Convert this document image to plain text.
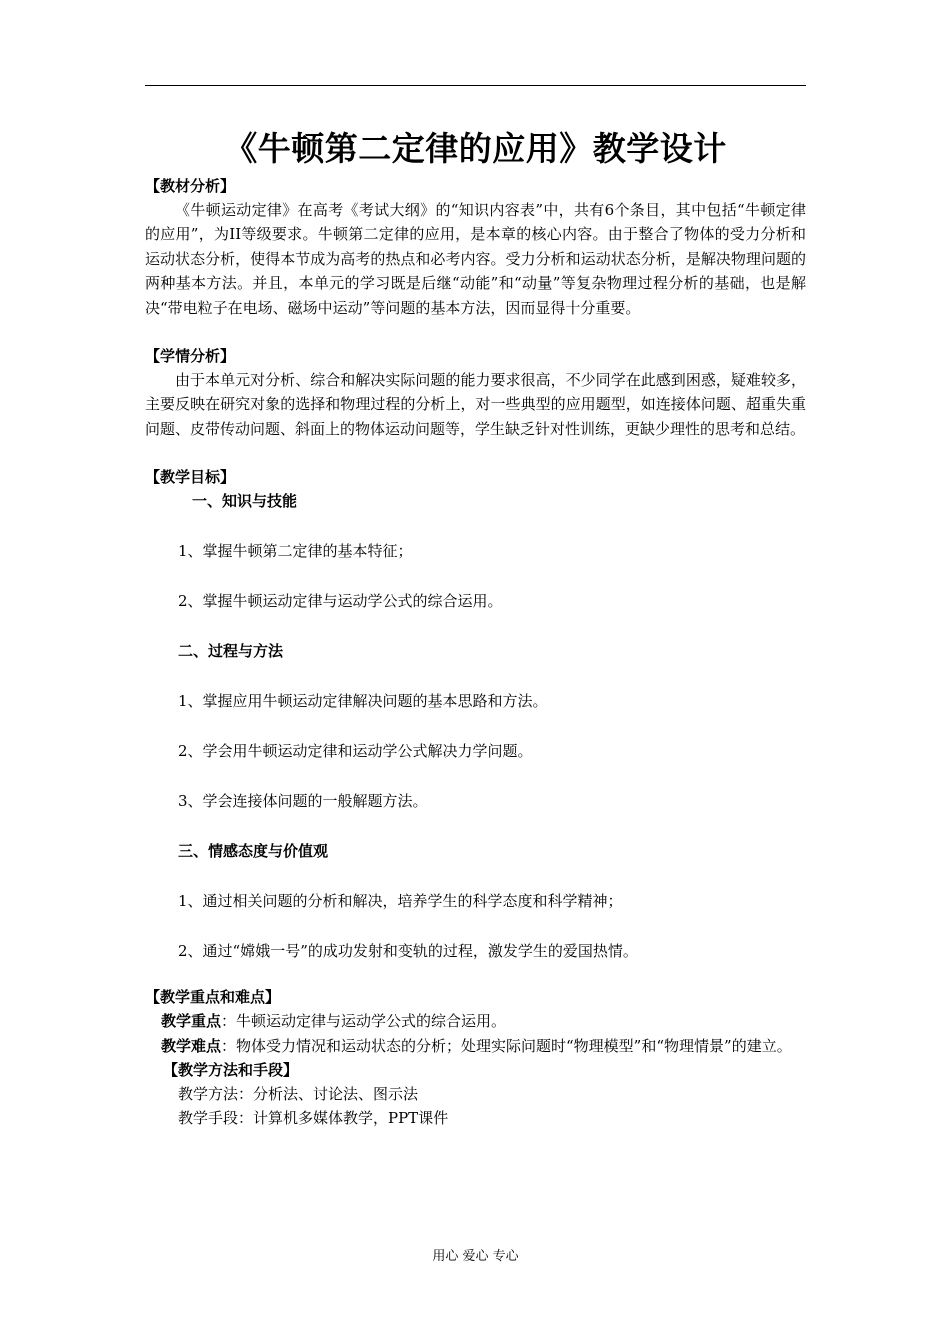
《牛顿第二定律的应用》教学设计
【教材分析】

《牛顿运动定律》在高考《考试大纲》的“知识内容表”中，共有6个条目，其中包括“牛顿定律的应用”，为II等级要求。牛顿第二定律的应用，是本章的核心内容。由于整合了物体的受力分析和运动状态分析，使得本节成为高考的热点和必考内容。受力分析和运动状态分析，是解决物理问题的两种基本方法。并且，本单元的学习既是后继“动能”和“动量”等复杂物理过程分析的基础，也是解决“带电粒子在电场、磁场中运动”等问题的基本方法，因而显得十分重要。

【学情分析】

由于本单元对分析、综合和解决实际问题的能力要求很高，不少同学在此感到困惑，疑难较多，主要反映在研究对象的选择和物理过程的分析上，对一些典型的应用题型，如连接体问题、超重失重问题、皮带传动问题、斜面上的物体运动问题等，学生缺乏针对性训练，更缺少理性的思考和总结。

【教学目标】
一、知识与技能
1、掌握牛顿第二定律的基本特征；
2、掌握牛顿运动定律与运动学公式的综合运用。
二、过程与方法
1、掌握应用牛顿运动定律解决问题的基本思路和方法。
2、学会用牛顿运动定律和运动学公式解决力学问题。
3、学会连接体问题的一般解题方法。
三、情感态度与价值观
1、通过相关问题的分析和解决，培养学生的科学态度和科学精神；
2、通过“嫦娥一号”的成功发射和变轨的过程，激发学生的爱国热情。
【教学重点和难点】

教学重点：牛顿运动定律与运动学公式的综合运用。

教学难点：物体受力情况和运动状态的分析；处理实际问题时“物理模型”和“物理情景”的建立。

【教学方法和手段】
教学方法：分析法、讨论法、图示法
教学手段：计算机多媒体教学，PPT课件
用心 爱心 专心
